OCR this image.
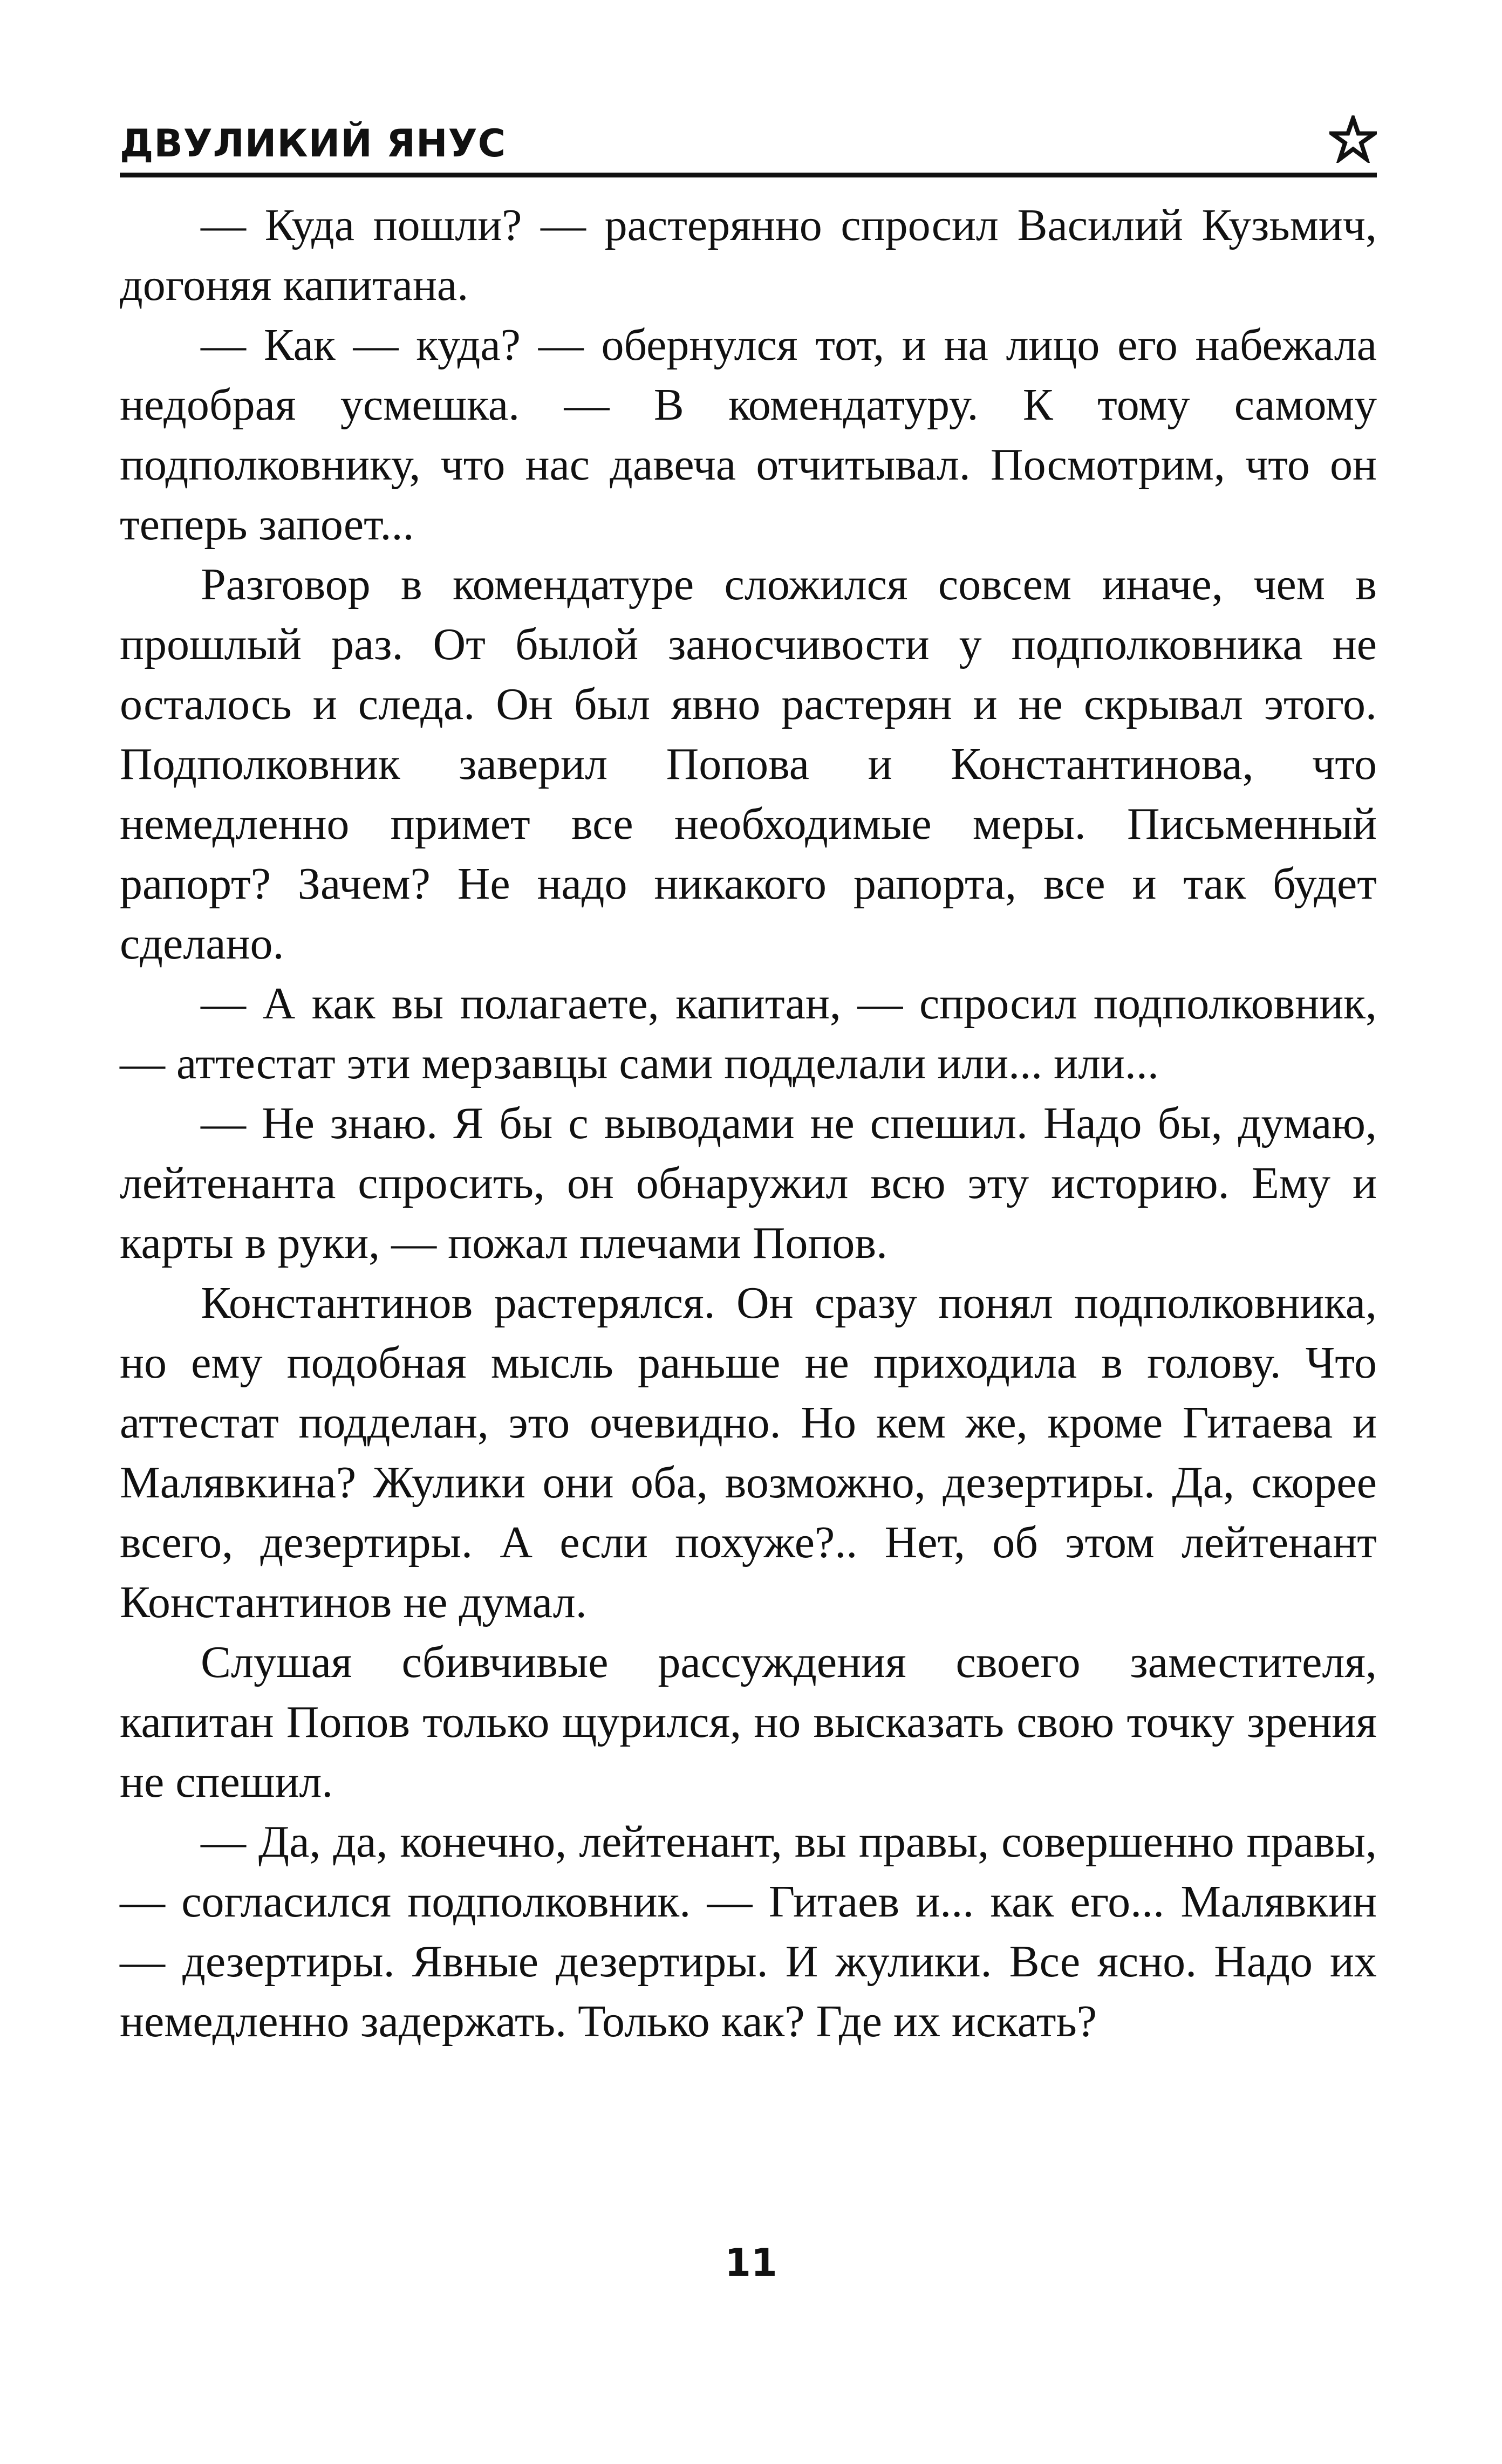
ДВУЛИКИЙ ЯНУС

— Куда пошли? — растерянно спросил Василий Кузьмич, догоняя капитана.

— Как — куда? — обернулся тот, и на лицо его набежала недобрая усмешка. — В комендатуру. К тому самому подполковнику, что нас давеча отчитывал. Посмотрим, что он теперь запоет...

Разговор в комендатуре сложился совсем иначе, чем в прошлый раз. От былой заносчивости у подполковника не осталось и следа. Он был явно растерян и не скрывал этого. Подполковник заверил Попова и Константинова, что немедленно примет все необходимые меры. Письменный рапорт? Зачем? Не надо никакого рапорта, все и так будет сделано.

— А как вы полагаете, капитан, — спросил подполковник, — аттестат эти мерзавцы сами подделали или... или...

— Не знаю. Я бы с выводами не спешил. Надо бы, думаю, лейтенанта спросить, он обнаружил всю эту историю. Ему и карты в руки, — пожал плечами Попов.

Константинов растерялся. Он сразу понял подполковника, но ему подобная мысль раньше не приходила в голову. Что аттестат подделан, это очевидно. Но кем же, кроме Гитаева и Малявкина? Жулики они оба, возможно, дезертиры. Да, скорее всего, дезертиры. А если похуже?.. Нет, об этом лейтенант Константинов не думал.

Слушая сбивчивые рассуждения своего заместителя, капитан Попов только щурился, но высказать свою точку зрения не спешил.

— Да, да, конечно, лейтенант, вы правы, совершенно правы, — согласился подполковник. — Гитаев и... как его... Малявкин — дезертиры. Явные дезертиры. И жулики. Все ясно. Надо их немедленно задержать. Только как? Где их искать?

11
